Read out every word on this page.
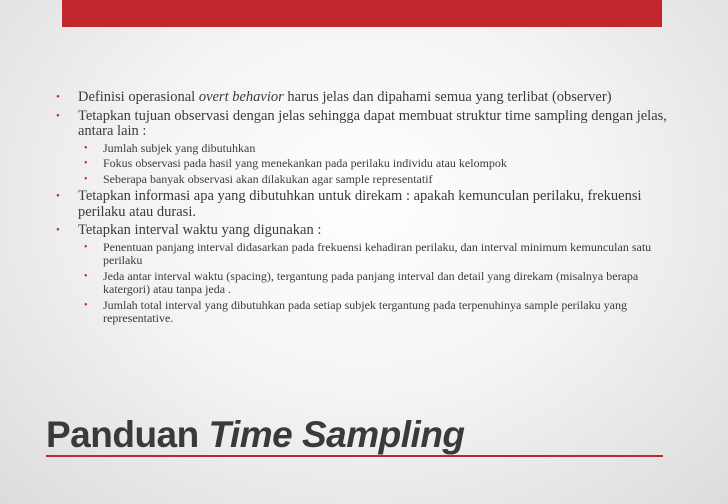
• Definisi operasional overt behavior harus jelas dan dipahami semua yang terlibat (observer)
• Tetapkan tujuan observasi dengan jelas sehingga dapat membuat struktur time sampling dengan jelas, antara lain :
• Jumlah subjek yang dibutuhkan
• Fokus observasi pada hasil yang menekankan pada perilaku individu atau kelompok
• Seberapa banyak observasi akan dilakukan agar sample representatif
• Tetapkan informasi apa yang dibutuhkan untuk direkam : apakah kemunculan perilaku, frekuensi perilaku atau durasi.
• Tetapkan interval waktu yang digunakan :
• Penentuan panjang interval didasarkan pada frekuensi kehadiran perilaku, dan interval minimum kemunculan satu perilaku
• Jeda antar interval waktu (spacing), tergantung pada panjang interval dan detail yang direkam (misalnya berapa katergori) atau tanpa jeda .
• Jumlah total interval yang dibutuhkan pada setiap subjek tergantung pada terpenuhinya sample perilaku yang representative.
Panduan Time Sampling
